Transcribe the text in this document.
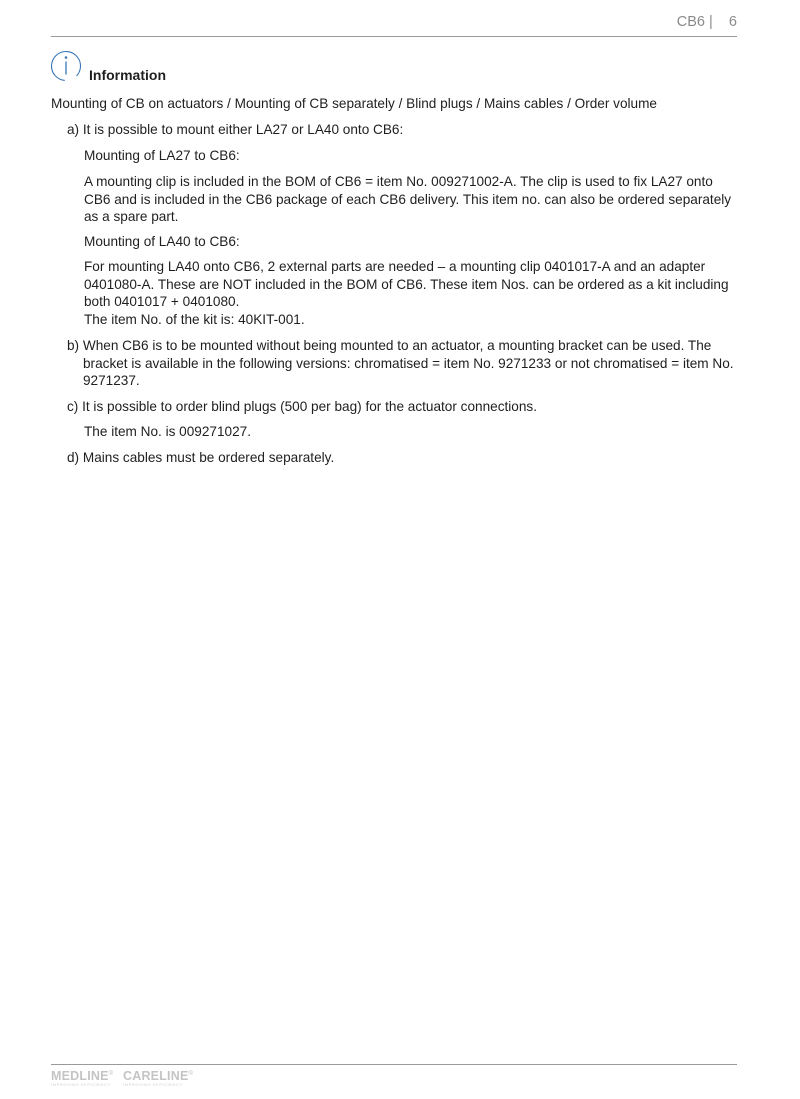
CB6 | 6
Information

Mounting of CB on actuators / Mounting of CB separately / Blind plugs / Mains cables / Order volume

a) It is possible to mount either LA27 or LA40 onto CB6:

Mounting of LA27 to CB6:

A mounting clip is included in the BOM of CB6 = item No. 009271002-A. The clip is used to fix LA27 onto CB6 and is included in the CB6 package of each CB6 delivery. This item no. can also be ordered separately as a spare part.

Mounting of LA40 to CB6:

For mounting LA40 onto CB6, 2 external parts are needed – a mounting clip 0401017-A and an adapter 0401080-A. These are NOT included in the BOM of CB6. These item Nos. can be ordered as a kit including both 0401017 + 0401080.

The item No. of the kit is: 40KIT-001.

b) When CB6 is to be mounted without being mounted to an actuator, a mounting bracket can be used. The bracket is available in the following versions: chromatised = item No. 9271233 or not chromatised = item No. 9271237.

c) It is possible to order blind plugs (500 per bag) for the actuator connections.

The item No. is 009271027.

d) Mains cables must be ordered separately.

MEDLINE®
IMPROVING EFFICIENCY
CARELINE®
IMPROVING EFFICIENCY
